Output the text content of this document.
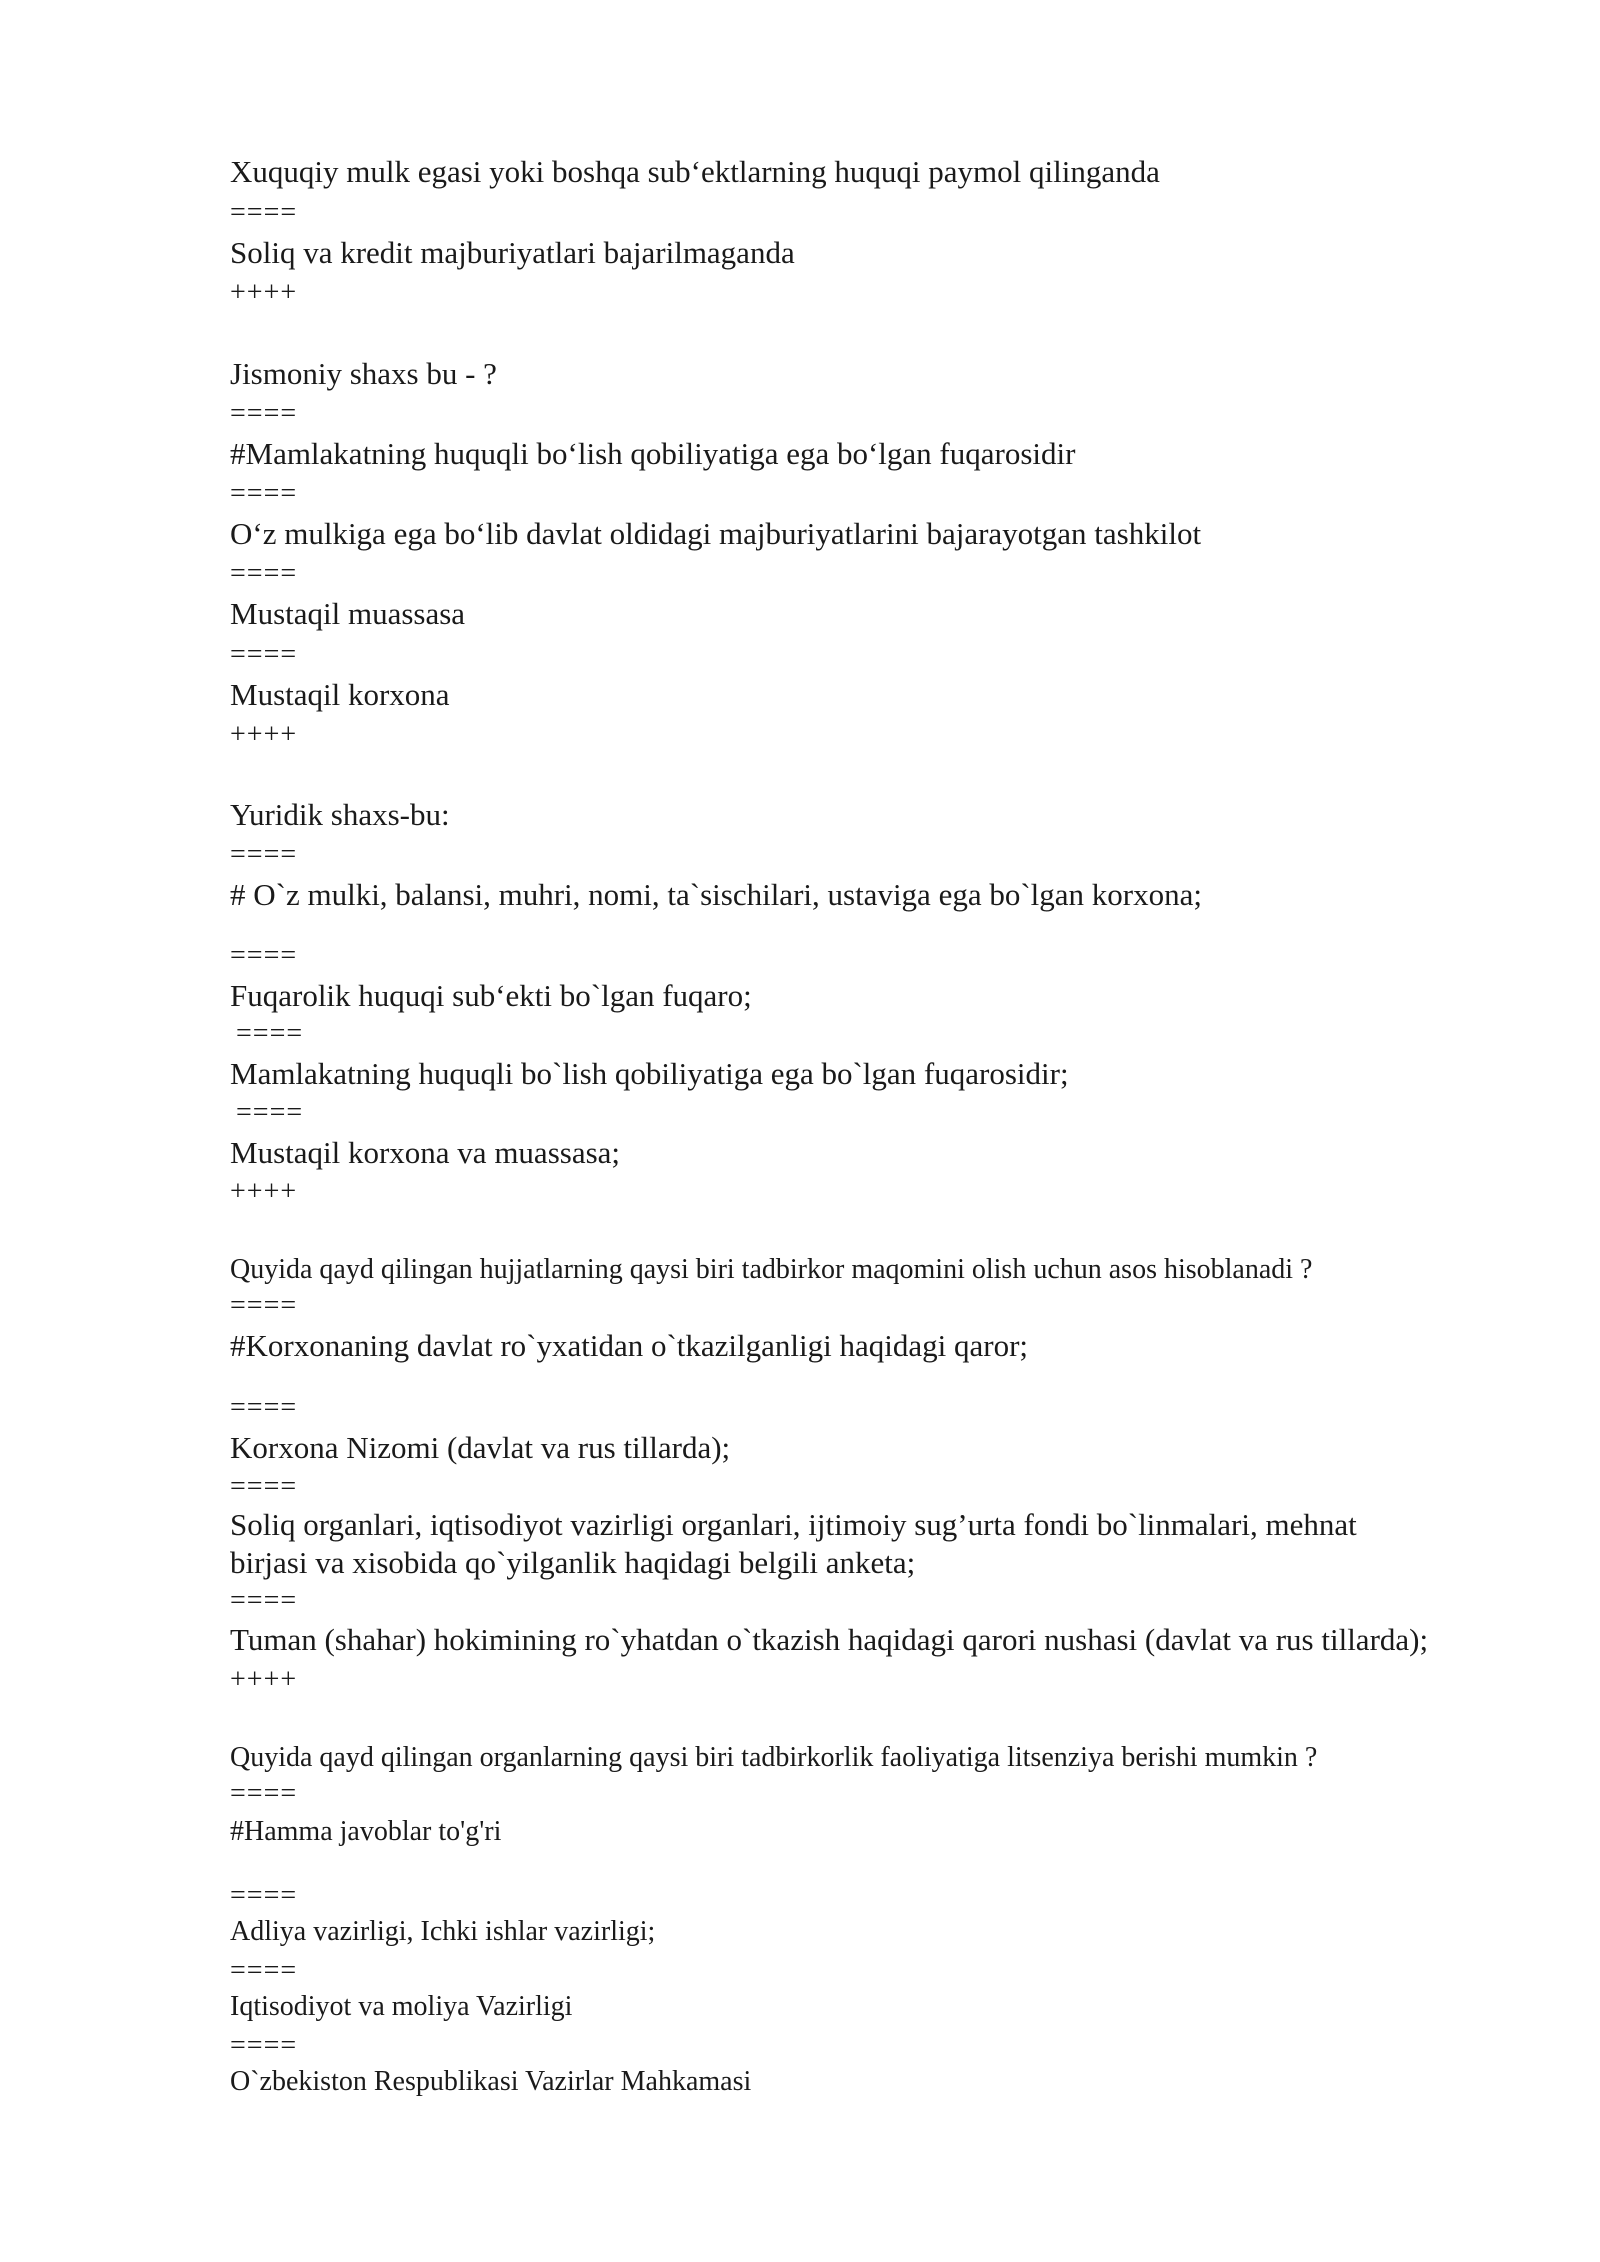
Xuquqiy mulk egasi yoki boshqa sub‘ektlarning huquqi paymol qilinganda
====
Soliq va kredit majburiyatlari bajarilmaganda
++++
Jismoniy shaxs bu - ?
====
#Mamlakatning huquqli bo‘lish qobiliyatiga ega bo‘lgan fuqarosidir
====
O‘z mulkiga ega bo‘lib davlat oldidagi majburiyatlarini bajarayotgan tashkilot
====
Mustaqil muassasa
====
Mustaqil korxona
++++
Yuridik shaxs-bu:
====
# O`z mulki, balansi, muhri, nomi, ta`sischilari, ustaviga ega bo`lgan korxona;
====
Fuqarolik huquqi sub‘ekti bo`lgan fuqaro;
====
Mamlakatning huquqli bo`lish qobiliyatiga ega bo`lgan fuqarosidir;
====
Mustaqil korxona va muassasa;
++++
Quyida qayd qilingan hujjatlarning qaysi biri tadbirkor maqomini olish uchun asos hisoblanadi ?
====
#Korxonaning davlat ro`yxatidan o`tkazilganligi haqidagi qaror;
====
Korxona Nizomi (davlat va rus tillarda);
====
Soliq organlari, iqtisodiyot vazirligi organlari, ijtimoiy sug’urta fondi bo`linmalari, mehnat
birjasi va xisobida qo`yilganlik haqidagi belgili anketa;
====
Tuman (shahar) hokimining ro`yhatdan o`tkazish haqidagi qarori nushasi (davlat va rus tillarda);
++++
Quyida qayd qilingan organlarning qaysi biri tadbirkorlik faoliyatiga litsenziya berishi mumkin ?
====
#Hamma javoblar to'g'ri
====
Adliya vazirligi, Ichki ishlar vazirligi;
====
Iqtisodiyot va moliya Vazirligi
====
O`zbekiston Respublikasi Vazirlar Mahkamasi
